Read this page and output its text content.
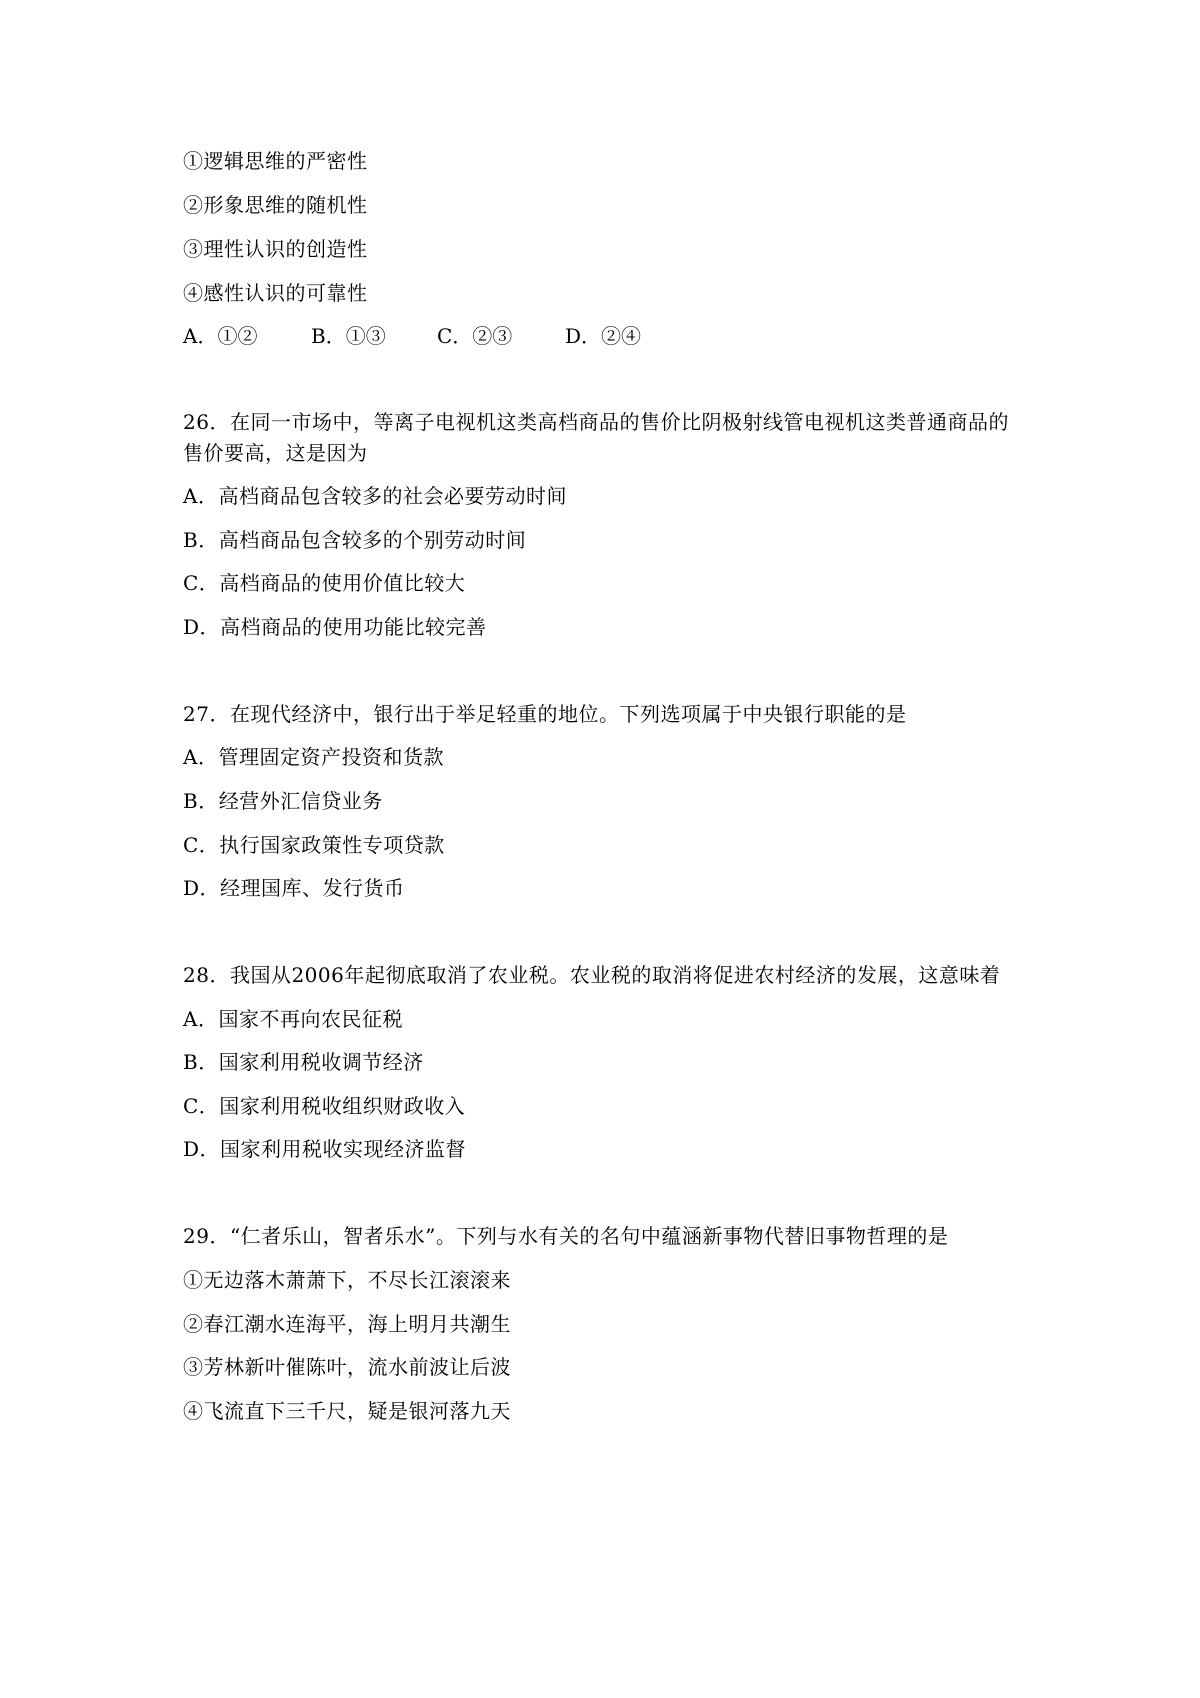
①逻辑思维的严密性
②形象思维的随机性
③理性认识的创造性
④感性认识的可靠性
A．①②	B．①③	C．②③	D．②④
26．在同一市场中，等离子电视机这类高档商品的售价比阴极射线管电视机这类普通商品的
售价要高，这是因为
A．高档商品包含较多的社会必要劳动时间
B．高档商品包含较多的个别劳动时间
C．高档商品的使用价值比较大
D．高档商品的使用功能比较完善
27．在现代经济中，银行出于举足轻重的地位。下列选项属于中央银行职能的是
A．管理固定资产投资和货款
B．经营外汇信贷业务
C．执行国家政策性专项贷款
D．经理国库、发行货币
28．我国从2006年起彻底取消了农业税。农业税的取消将促进农村经济的发展，这意味着
A．国家不再向农民征税
B．国家利用税收调节经济
C．国家利用税收组织财政收入
D．国家利用税收实现经济监督
29．“仁者乐山，智者乐水”。下列与水有关的名句中蕴涵新事物代替旧事物哲理的是
①无边落木萧萧下，不尽长江滚滚来
②春江潮水连海平，海上明月共潮生
③芳林新叶催陈叶，流水前波让后波
④飞流直下三千尺，疑是银河落九天
